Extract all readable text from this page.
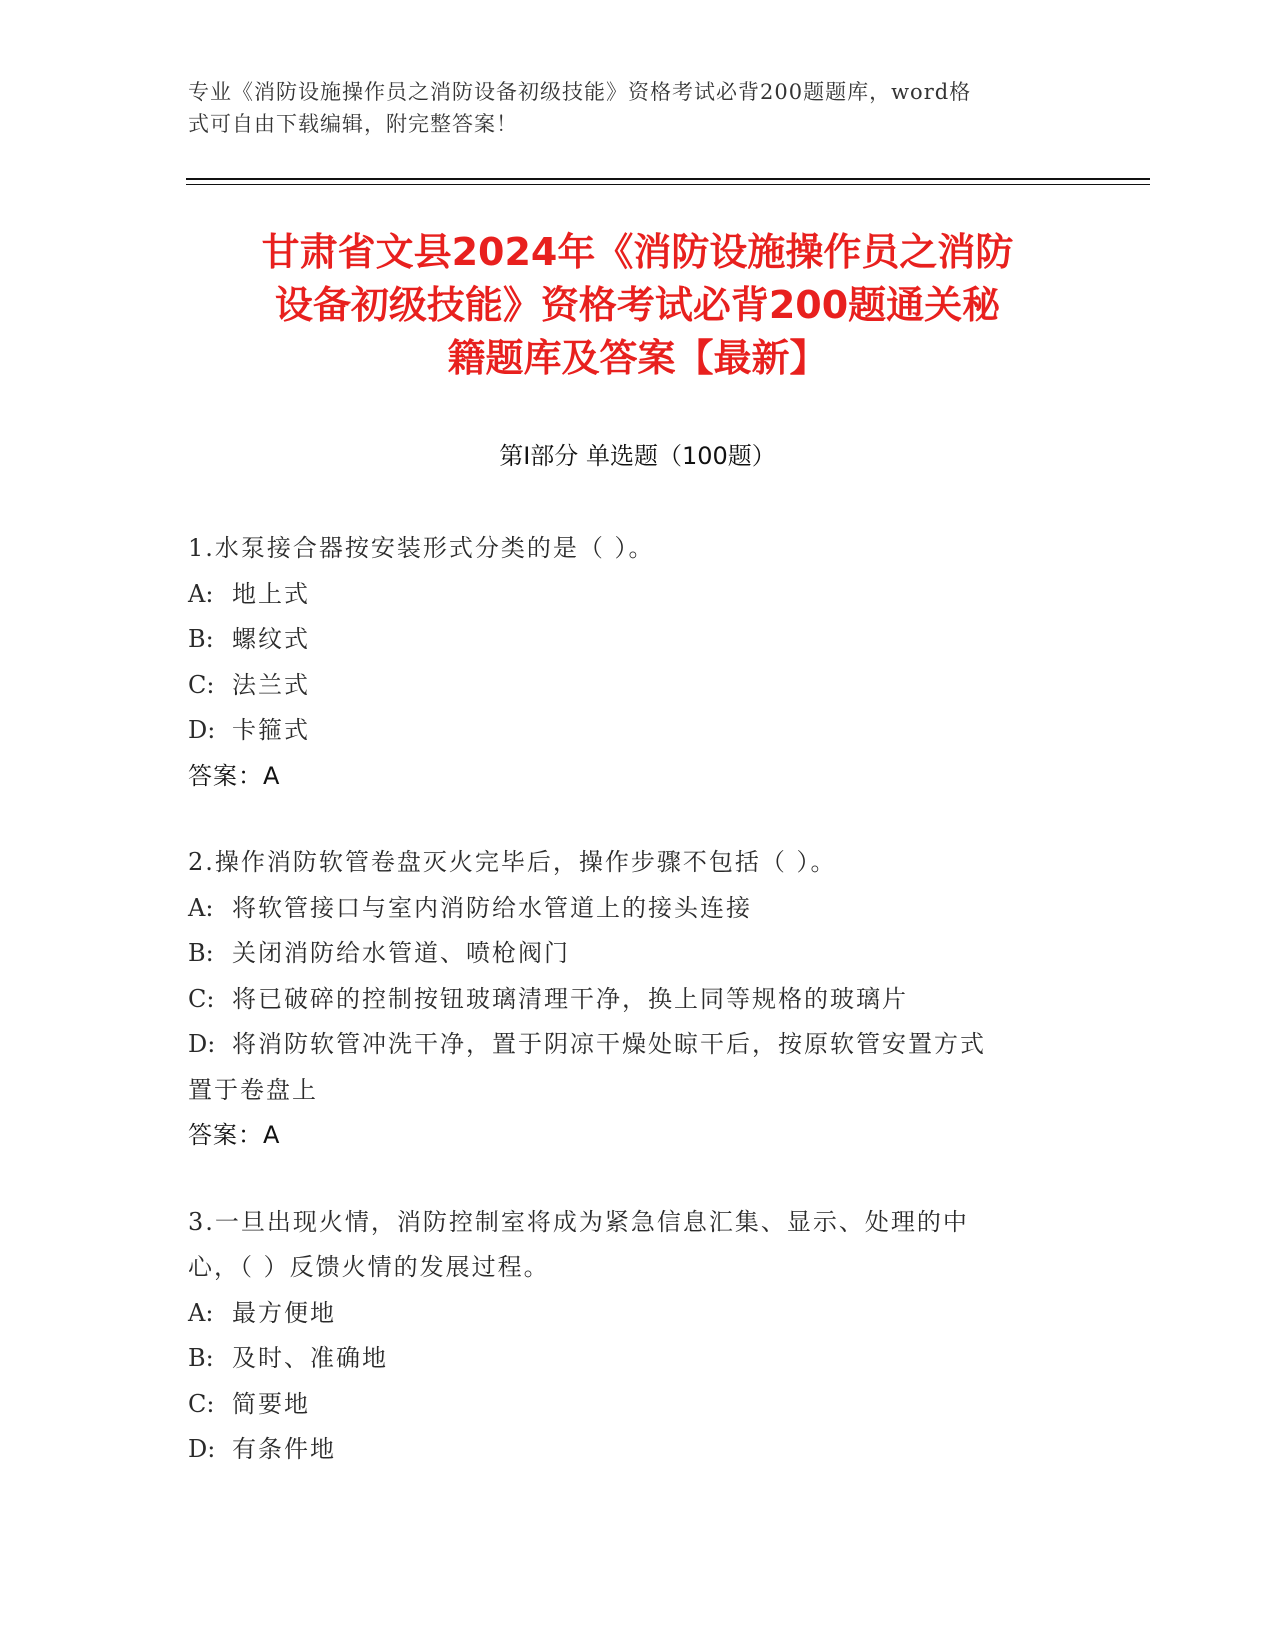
专业《消防设施操作员之消防设备初级技能》资格考试必背200题题库，word格
式可自由下载编辑，附完整答案！
甘肃省文县2024年《消防设施操作员之消防
设备初级技能》资格考试必背200题通关秘
籍题库及答案【最新】
第Ⅰ部分 单选题（100题）
1.水泵接合器按安装形式分类的是（ ）。
A: 地上式
B: 螺纹式
C: 法兰式
D: 卡箍式
答案：A
2.操作消防软管卷盘灭火完毕后，操作步骤不包括（ ）。
A: 将软管接口与室内消防给水管道上的接头连接
B: 关闭消防给水管道、喷枪阀门
C: 将已破碎的控制按钮玻璃清理干净，换上同等规格的玻璃片
D: 将消防软管冲洗干净，置于阴凉干燥处晾干后，按原软管安置方式
置于卷盘上
答案：A
3.一旦出现火情，消防控制室将成为紧急信息汇集、显示、处理的中
心，（ ）反馈火情的发展过程。
A: 最方便地
B: 及时、准确地
C: 简要地
D: 有条件地
